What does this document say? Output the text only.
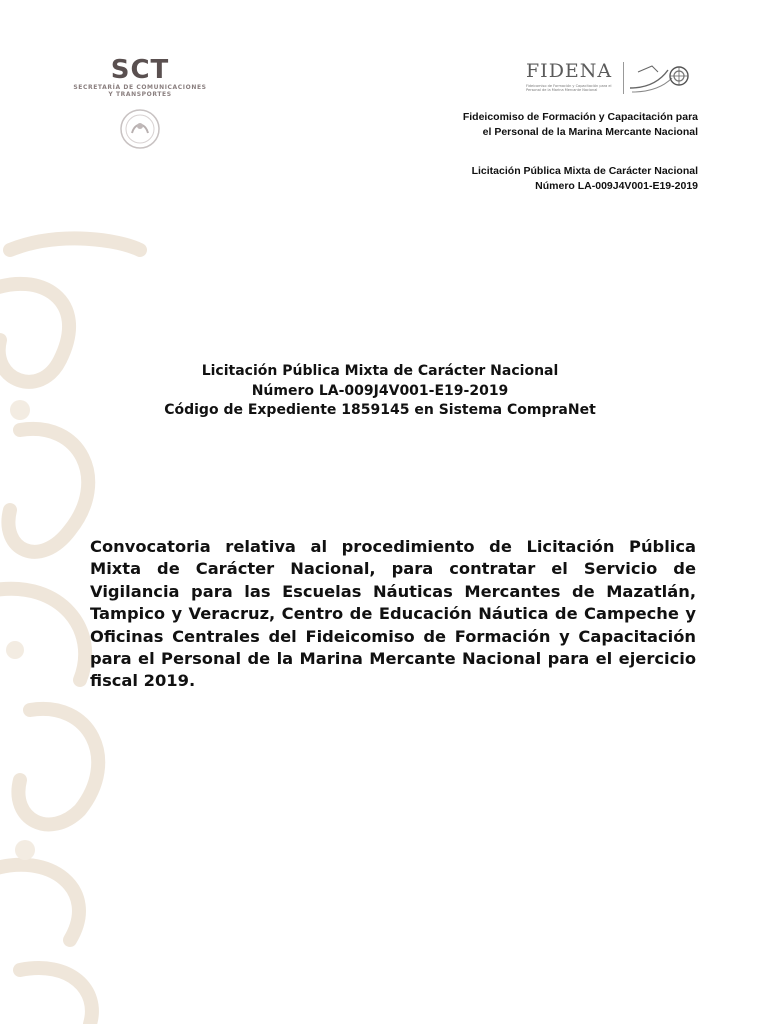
SCT
SECRETARÍA DE COMUNICACIONES
Y TRANSPORTES
FIDENA
Fideicomiso de Formación y Capacitación para el Personal de la Marina Mercante Nacional
Fideicomiso de Formación y Capacitación para
el Personal de la Marina Mercante Nacional
Licitación Pública Mixta de Carácter Nacional
Número LA-009J4V001-E19-2019
Licitación Pública Mixta de Carácter Nacional
Número LA-009J4V001-E19-2019
Código de Expediente 1859145 en Sistema CompraNet
Convocatoria relativa al procedimiento de Licitación Pública Mixta de Carácter Nacional, para contratar el Servicio de Vigilancia para las Escuelas Náuticas Mercantes de Mazatlán, Tampico y Veracruz, Centro de Educación Náutica de Campeche y Oficinas Centrales del Fideicomiso de Formación y Capacitación para el Personal de la Marina Mercante Nacional para el ejercicio fiscal 2019.
